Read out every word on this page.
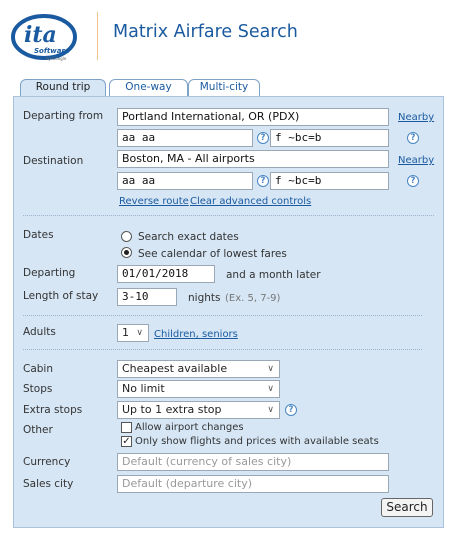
ita
Software
by Google
Matrix Airfare Search
Round trip	One-way	Multi-city
Departing from	Portland International, OR (PDX)	Nearby
aa aa	? f ~bc=b	?
Destination	Boston, MA - All airports	Nearby
aa aa	? f ~bc=b	?
Reverse route Clear advanced controls
Dates	Search exact dates
See calendar of lowest fares
Departing	01/01/2018	and a month later
Length of stay	3-10	nights (Ex. 5, 7-9)
Adults	1 ∨ Children, seniors
Cabin	Cheapest available	∨
Stops	No limit	∨
Extra stops	Up to 1 extra stop	∨	?
Other	Allow airport changes
✓ Only show flights and prices with available seats
Currency	Default (currency of sales city)
Sales city	Default (departure city)
Search
